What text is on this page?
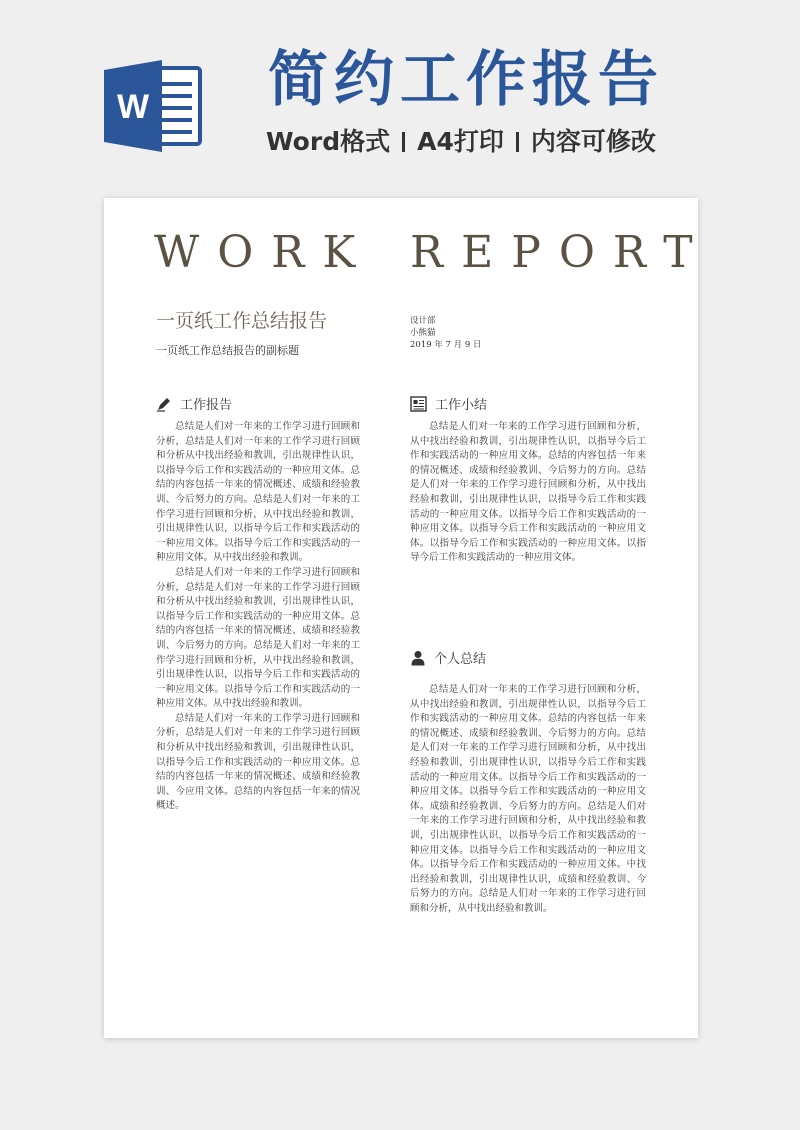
W 简约工作报告
Word格式 A4打印 内容可修改
WORK REPORT
一页纸工作总结报告
一页纸工作总结报告的副标题
设计部
小熊猫
2019 年 7 月 9 日
工作报告

总结是人们对一年来的工作学习进行回顾和分析，总结是人们对一年来的工作学习进行回顾和分析从中找出经验和教训，引出规律性认识，以指导今后工作和实践活动的一种应用文体。总结的内容包括一年来的情况概述、成绩和经验教训、今后努力的方向。总结是人们对一年来的工作学习进行回顾和分析，从中找出经验和教训，引出规律性认识，以指导今后工作和实践活动的一种应用文体。以指导今后工作和实践活动的一种应用文体。从中找出经验和教训。

总结是人们对一年来的工作学习进行回顾和分析，总结是人们对一年来的工作学习进行回顾和分析从中找出经验和教训，引出规律性认识，以指导今后工作和实践活动的一种应用文体。总结的内容包括一年来的情况概述、成绩和经验教训、今后努力的方向。总结是人们对一年来的工作学习进行回顾和分析，从中找出经验和教训，引出规律性认识，以指导今后工作和实践活动的一种应用文体。以指导今后工作和实践活动的一种应用文体。从中找出经验和教训。

总结是人们对一年来的工作学习进行回顾和分析，总结是人们对一年来的工作学习进行回顾和分析从中找出经验和教训，引出规律性认识，以指导今后工作和实践活动的一种应用文体。总结的内容包括一年来的情况概述、成绩和经验教训、今应用文体。总结的内容包括一年来的情况概述。

工作小结

总结是人们对一年来的工作学习进行回顾和分析，从中找出经验和教训，引出规律性认识，以指导今后工作和实践活动的一种应用文体。总结的内容包括一年来的情况概述、成绩和经验教训、今后努力的方向。总结是人们对一年来的工作学习进行回顾和分析，从中找出经验和教训，引出规律性认识，以指导今后工作和实践活动的一种应用文体。以指导今后工作和实践活动的一种应用文体。以指导今后工作和实践活动的一种应用文体。以指导今后工作和实践活动的一种应用文体。以指导今后工作和实践活动的一种应用文体。

个人总结

总结是人们对一年来的工作学习进行回顾和分析，从中找出经验和教训，引出规律性认识，以指导今后工作和实践活动的一种应用文体。总结的内容包括一年来的情况概述、成绩和经验教训、今后努力的方向。总结是人们对一年来的工作学习进行回顾和分析，从中找出经验和教训，引出规律性认识，以指导今后工作和实践活动的一种应用文体。以指导今后工作和实践活动的一种应用文体。以指导今后工作和实践活动的一种应用文体。成绩和经验教训、今后努力的方向。总结是人们对一年来的工作学习进行回顾和分析，从中找出经验和教训，引出规律性认识，以指导今后工作和实践活动的一种应用文体。以指导今后工作和实践活动的一种应用文体。以指导今后工作和实践活动的一种应用文体。中找出经验和教训，引出规律性认识，成绩和经验教训、今后努力的方向。总结是人们对一年来的工作学习进行回顾和分析，从中找出经验和教训。
